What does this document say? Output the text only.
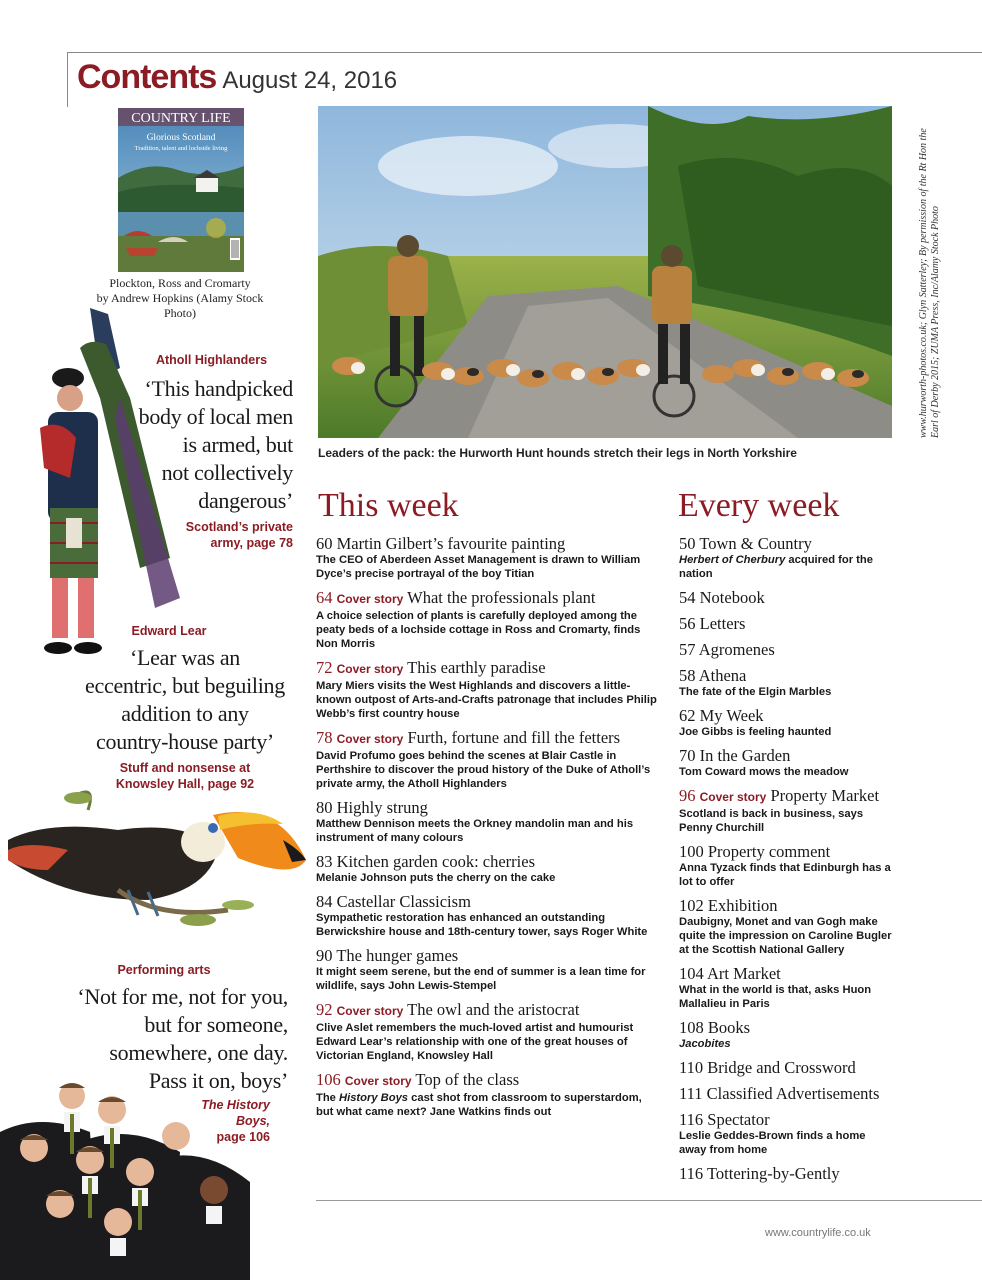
Contents August 24, 2016
COUNTRY LIFE
Glorious Scotland
Tradition, talent and lochside living
Plockton, Ross and Cromarty
by Andrew Hopkins (Alamy Stock Photo)	www.hurworth-photos.co.uk; Glyn Satterley; By permission of the Rt Hon the Earl of Derby 2015; ZUMA Press, Inc/Alamy Stock Photo
Leaders of the pack: the Hurworth Hunt hounds stretch their legs in North Yorkshire
Atholl Highlanders
‘This handpicked
body of local men
is armed, but
not collectively
dangerous’
Scotland’s private
army, page 78
Edward Lear
‘Lear was an
eccentric, but beguiling
addition to any
country-house party’
Stuff and nonsense at
Knowsley Hall, page 92
Performing arts
‘Not for me, not for you,
but for someone,
somewhere, one day.
Pass it on, boys’
The History
Boys,
page 106
This week
60 Martin Gilbert’s favourite painting
The CEO of Aberdeen Asset Management is drawn to William Dyce’s precise portrayal of the boy Titian
64 Cover story What the professionals plant
A choice selection of plants is carefully deployed among the peaty beds of a lochside cottage in Ross and Cromarty, finds Non Morris
72 Cover story This earthly paradise
Mary Miers visits the West Highlands and discovers a little-known outpost of Arts-and-Crafts patronage that includes Philip Webb’s first country house
78 Cover story Furth, fortune and fill the fetters
David Profumo goes behind the scenes at Blair Castle in Perthshire to discover the proud history of the Duke of Atholl’s private army, the Atholl Highlanders
80 Highly strung
Matthew Dennison meets the Orkney mandolin man and his instrument of many colours
83 Kitchen garden cook: cherries
Melanie Johnson puts the cherry on the cake
84 Castellar Classicism
Sympathetic restoration has enhanced an outstanding Berwickshire house and 18th-century tower, says Roger White
90 The hunger games
It might seem serene, but the end of summer is a lean time for wildlife, says John Lewis-Stempel
92 Cover story The owl and the aristocrat
Clive Aslet remembers the much-loved artist and humourist Edward Lear’s relationship with one of the great houses of Victorian England, Knowsley Hall
106 Cover story Top of the class
The History Boys cast shot from classroom to superstardom, but what came next? Jane Watkins finds out
Every week
50 Town & Country
Herbert of Cherbury acquired for the nation
54 Notebook
56 Letters
57 Agromenes
58 Athena
The fate of the Elgin Marbles
62 My Week
Joe Gibbs is feeling haunted
70 In the Garden
Tom Coward mows the meadow
96 Cover story Property Market
Scotland is back in business, says Penny Churchill
100 Property comment
Anna Tyzack finds that Edinburgh has a lot to offer
102 Exhibition
Daubigny, Monet and van Gogh make quite the impression on Caroline Bugler at the Scottish National Gallery
104 Art Market
What in the world is that, asks Huon Mallalieu in Paris
108 Books
Jacobites
110 Bridge and Crossword
111 Classified Advertisements
116 Spectator
Leslie Geddes-Brown finds a home away from home
116 Tottering-by-Gently
www.countrylife.co.uk
